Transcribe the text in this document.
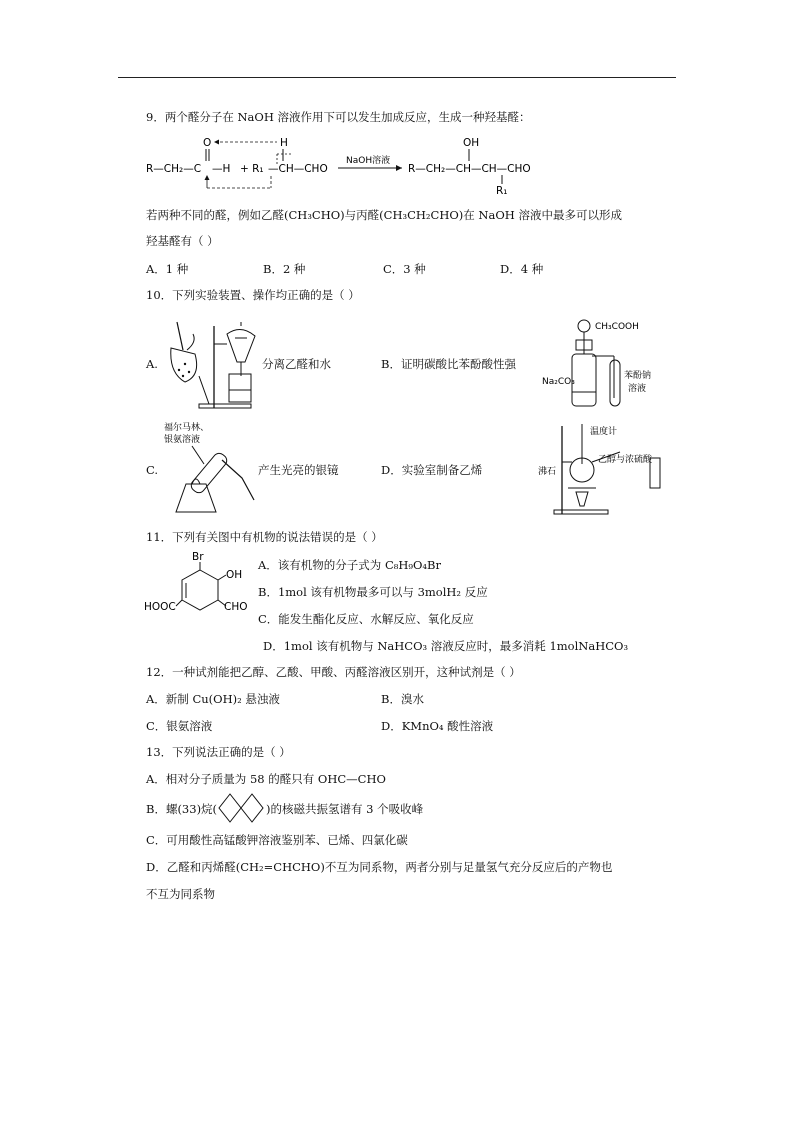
9．两个醛分子在 NaOH 溶液作用下可以发生加成反应，生成一种羟基醛：
R—CH₂—C
O
—H + R₁ —CH—CHO
H
NaOH溶液
R—CH₂—CH—CH—CHO
OH
R₁
若两种不同的醛，例如乙醛(CH₃CHO)与丙醛(CH₃CH₂CHO)在 NaOH 溶液中最多可以形成
羟基醛有（ ）
A．1 种	B．2 种	C．3 种	D．4 种
10．下列实验装置、操作均正确的是（ ）
A.	分离乙醛和水	B．证明碳酸比苯酚酸性强
CH₃COOH
Na₂CO₃
苯酚钠
溶液
C.
福尔马林、
银氨溶液
产生光亮的银镜	D．实验室制备乙烯
温度计
沸石
乙醇与浓硫酸
11．下列有关图中有机物的说法错误的是（ ）
Br
OH
CHO
HOOC
A．该有机物的分子式为 C₈H₉O₄Br
B．1mol 该有机物最多可以与 3molH₂ 反应
C．能发生酯化反应、水解反应、氧化反应
D．1mol 该有机物与 NaHCO₃ 溶液反应时，最多消耗 1molNaHCO₃
12．一种试剂能把乙醇、乙酸、甲酸、丙醛溶液区别开，这种试剂是（ ）
A．新制 Cu(OH)₂ 悬浊液	B．溴水
C．银氨溶液	D．KMnO₄ 酸性溶液
13．下列说法正确的是（ ）
A．相对分子质量为 58 的醛只有 OHC—CHO
B．螺(33)烷(	)的核磁共振氢谱有 3 个吸收峰
C．可用酸性高锰酸钾溶液鉴别苯、已烯、四氯化碳
D．乙醛和丙烯醛(CH₂=CHCHO)不互为同系物，两者分别与足量氢气充分反应后的产物也
不互为同系物
